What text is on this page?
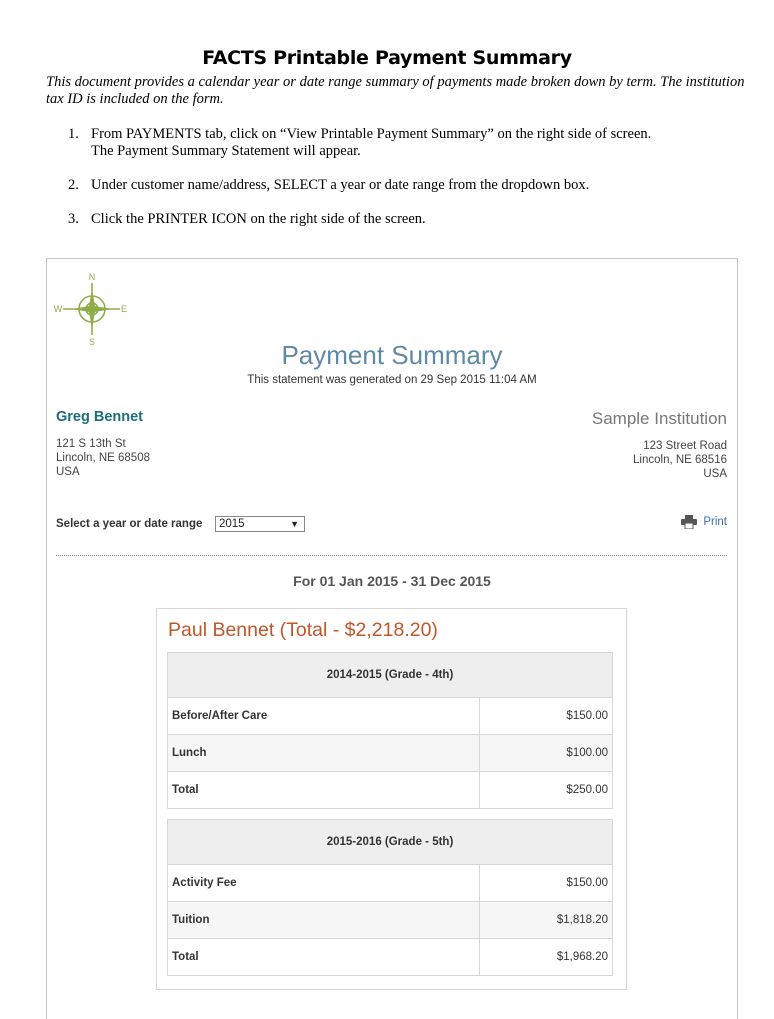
FACTS Printable Payment Summary
This document provides a calendar year or date range summary of payments made broken down by term. The institution tax ID is included on the form.
1. From PAYMENTS tab, click on “View Printable Payment Summary” on the right side of screen.
The Payment Summary Statement will appear.
2. Under customer name/address, SELECT a year or date range from the dropdown box.
3. Click the PRINTER ICON on the right side of the screen.
N
S
E
W
Payment Summary
This statement was generated on 29 Sep 2015 11:04 AM
Greg Bennet
121 S 13th St
Lincoln, NE 68508
USA
Sample Institution
123 Street Road
Lincoln, NE 68516
USA
Select a year or date range	2015	▼	Print
For 01 Jan 2015 - 31 Dec 2015
Paul Bennet (Total - $2,218.20)
2014-2015 (Grade - 4th)	
Before/After Care	$150.00
Lunch	$100.00
Total	$250.00
2015-2016 (Grade - 5th)	
Activity Fee	$150.00
Tuition	$1,818.20
Total	$1,968.20
